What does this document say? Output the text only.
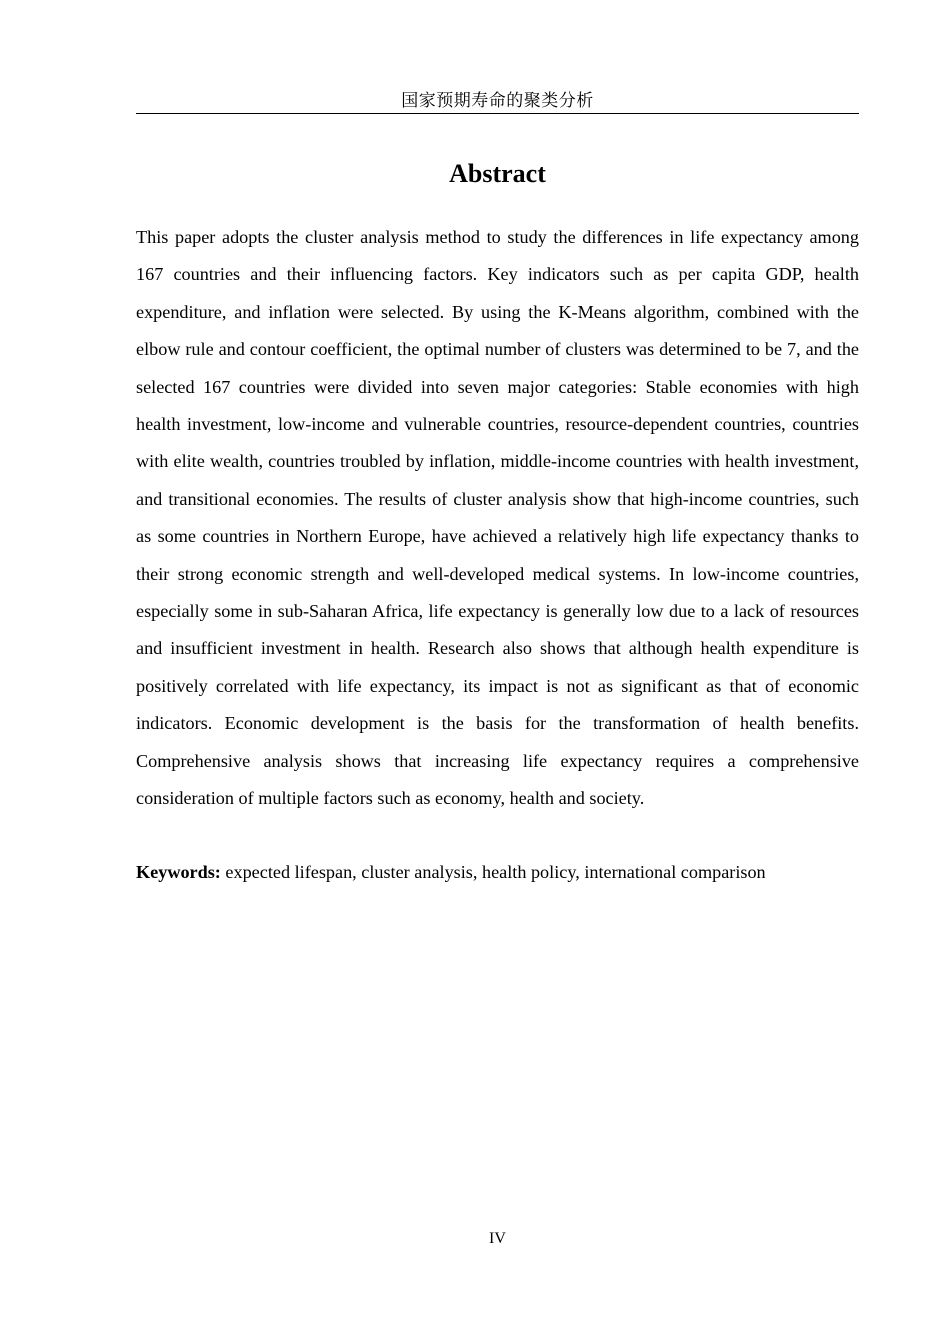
国家预期寿命的聚类分析
Abstract

This paper adopts the cluster analysis method to study the differences in life expectancy among 167 countries and their influencing factors. Key indicators such as per capita GDP, health expenditure, and inflation were selected. By using the K-Means algorithm, combined with the elbow rule and contour coefficient, the optimal number of clusters was determined to be 7, and the selected 167 countries were divided into seven major categories: Stable economies with high health investment, low-income and vulnerable countries, resource-dependent countries, countries with elite wealth, countries troubled by inflation, middle-income countries with health investment, and transitional economies. The results of cluster analysis show that high-income countries, such as some countries in Northern Europe, have achieved a relatively high life expectancy thanks to their strong economic strength and well-developed medical systems. In low-income countries, especially some in sub-Saharan Africa, life expectancy is generally low due to a lack of resources and insufficient investment in health. Research also shows that although health expenditure is positively correlated with life expectancy, its impact is not as significant as that of economic indicators. Economic development is the basis for the transformation of health benefits. Comprehensive analysis shows that increasing life expectancy requires a comprehensive consideration of multiple factors such as economy, health and society.

Keywords: expected lifespan, cluster analysis, health policy, international comparison

IV
